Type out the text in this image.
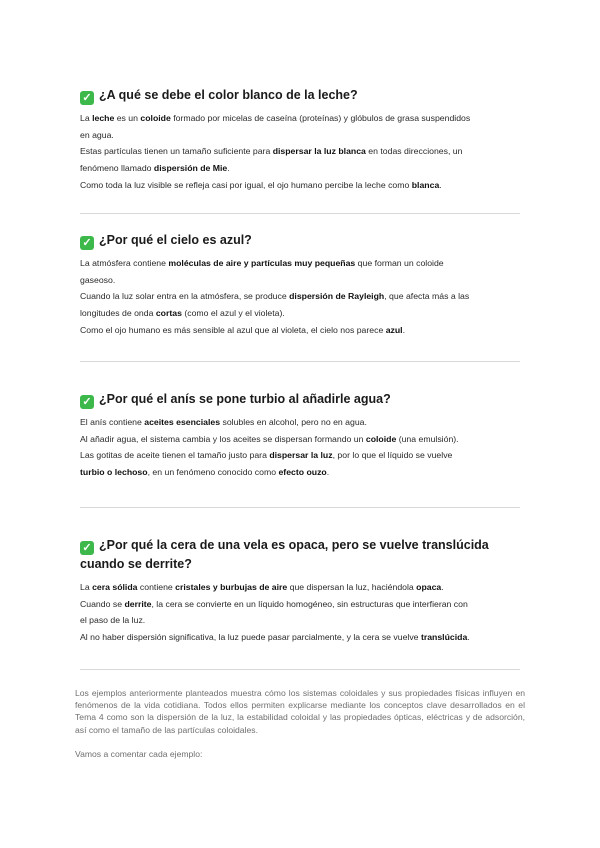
✓ ¿A qué se debe el color blanco de la leche?

La leche es un coloide formado por micelas de caseína (proteínas) y glóbulos de grasa suspendidos

en agua.

Estas partículas tienen un tamaño suficiente para dispersar la luz blanca en todas direcciones, un

fenómeno llamado dispersión de Mie.

Como toda la luz visible se refleja casi por igual, el ojo humano percibe la leche como blanca.

✓ ¿Por qué el cielo es azul?

La atmósfera contiene moléculas de aire y partículas muy pequeñas que forman un coloide

gaseoso.

Cuando la luz solar entra en la atmósfera, se produce dispersión de Rayleigh, que afecta más a las

longitudes de onda cortas (como el azul y el violeta).

Como el ojo humano es más sensible al azul que al violeta, el cielo nos parece azul.

✓ ¿Por qué el anís se pone turbio al añadirle agua?

El anís contiene aceites esenciales solubles en alcohol, pero no en agua.

Al añadir agua, el sistema cambia y los aceites se dispersan formando un coloide (una emulsión).

Las gotitas de aceite tienen el tamaño justo para dispersar la luz, por lo que el líquido se vuelve

turbio o lechoso, en un fenómeno conocido como efecto ouzo.

✓ ¿Por qué la cera de una vela es opaca, pero se vuelve translúcida cuando se derrite?

La cera sólida contiene cristales y burbujas de aire que dispersan la luz, haciéndola opaca.

Cuando se derrite, la cera se convierte en un líquido homogéneo, sin estructuras que interfieran con

el paso de la luz.

Al no haber dispersión significativa, la luz puede pasar parcialmente, y la cera se vuelve translúcida.

Los ejemplos anteriormente planteados muestra cómo los sistemas coloidales y sus propiedades físicas influyen en fenómenos de la vida cotidiana. Todos ellos permiten explicarse mediante los conceptos clave desarrollados en el Tema 4 como son la dispersión de la luz, la estabilidad coloidal y las propiedades ópticas, eléctricas y de adsorción, así como el tamaño de las partículas coloidales.

Vamos a comentar cada ejemplo:
